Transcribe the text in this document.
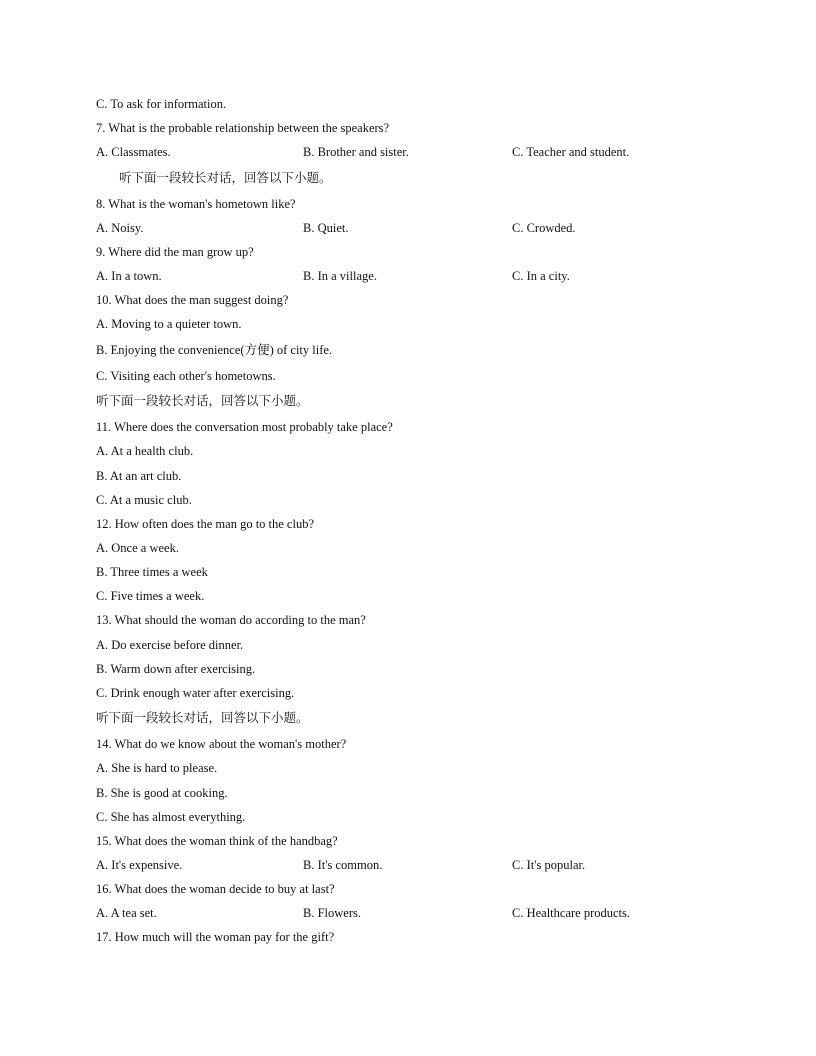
C. To ask for information.
7. What is the probable relationship between the speakers?
A. Classmates.	B. Brother and sister.	C. Teacher and student.
听下面一段较长对话，回答以下小题。
8. What is the woman's hometown like?
A. Noisy.	B. Quiet.	C. Crowded.
9. Where did the man grow up?
A. In a town.	B. In a village.	C. In a city.
10. What does the man suggest doing?
A. Moving to a quieter town.
B. Enjoying the convenience(方便) of city life.
C. Visiting each other's hometowns.
听下面一段较长对话，回答以下小题。
11. Where does the conversation most probably take place?
A. At a health club.
B. At an art club.
C. At a music club.
12. How often does the man go to the club?
A. Once a week.
B. Three times a week
C. Five times a week.
13. What should the woman do according to the man?
A. Do exercise before dinner.
B. Warm down after exercising.
C. Drink enough water after exercising.
听下面一段较长对话，回答以下小题。
14. What do we know about the woman's mother?
A. She is hard to please.
B. She is good at cooking.
C. She has almost everything.
15. What does the woman think of the handbag?
A. It's expensive.	B. It's common.	C. It's popular.
16. What does the woman decide to buy at last?
A. A tea set.	B. Flowers.	C. Healthcare products.
17. How much will the woman pay for the gift?
